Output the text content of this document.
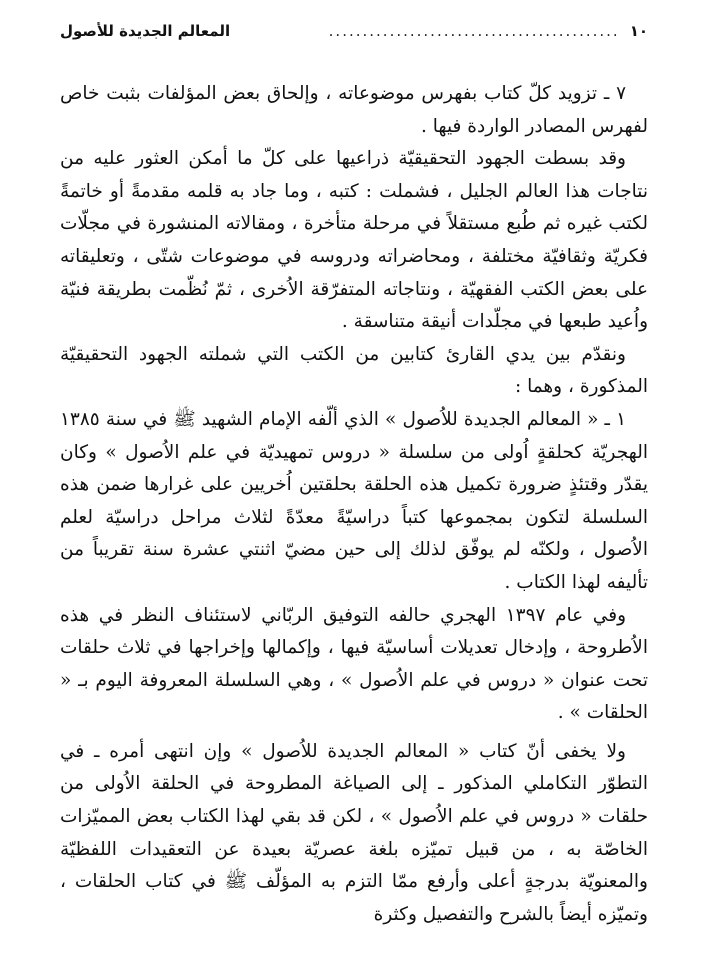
١٠
...........................................
المعالم الجديدة للأصول

٧ ـ تزويد كلّ كتاب بفهرس موضوعاته ، وإلحاق بعض المؤلفات بثبت خاص لفهرس المصادر الواردة فيها .

وقد بسطت الجهود التحقيقيّة ذراعيها على كلّ ما أمكن العثور عليه من نتاجات هذا العالم الجليل ، فشملت : كتبه ، وما جاد به قلمه مقدمةً أو خاتمةً لكتب غيره ثم طُبع مستقلاً في مرحلة متأخرة ، ومقالاته المنشورة في مجلّات فكريّة وثقافيّة مختلفة ، ومحاضراته ودروسه في موضوعات شتّى ، وتعليقاته على بعض الكتب الفقهيّة ، ونتاجاته المتفرّقة الاُخرى ، ثمّ نُظّمت بطريقة فنيّة واُعيد طبعها في مجلّدات أنيقة متناسقة .

ونقدّم بين يدي القارئ كتابين من الكتب التي شملته الجهود التحقيقيّة المذكورة ، وهما :

١ ـ « المعالم الجديدة للاُصول » الذي ألّفه الإمام الشهيد ﷺ في سنة ١٣٨٥ الهجريّة كحلقةٍ اُولى من سلسلة « دروس تمهيديّة في علم الاُصول » وكان يقدّر وقتئذٍ ضرورة تكميل هذه الحلقة بحلقتين اُخريين على غرارها ضمن هذه السلسلة لتكون بمجموعها كتباً دراسيّةً معدّةً لثلاث مراحل دراسيّة لعلم الاُصول ، ولكنّه لم يوفّق لذلك إلى حين مضيّ اثنتي عشرة سنة تقريباً من تأليفه لهذا الكتاب .

وفي عام ١٣٩٧ الهجري حالفه التوفيق الربّاني لاستئناف النظر في هذه الاُطروحة ، وإدخال تعديلات أساسيّة فيها ، وإكمالها وإخراجها في ثلاث حلقات تحت عنوان « دروس في علم الاُصول » ، وهي السلسلة المعروفة اليوم بـ « الحلقات » .

ولا يخفى أنّ كتاب « المعالم الجديدة للاُصول » وإن انتهى أمره ـ في التطوّر التكاملي المذكور ـ إلى الصياغة المطروحة في الحلقة الاُولى من حلقات « دروس في علم الاُصول » ، لكن قد بقي لهذا الكتاب بعض المميّزات الخاصّة به ، من قبيل تميّزه بلغة عصريّة بعيدة عن التعقيدات اللفظيّة والمعنويّة بدرجةٍ أعلى وأرفع ممّا التزم به المؤلّف ﷺ في كتاب الحلقات ، وتميّزه أيضاً بالشرح والتفصيل وكثرة
